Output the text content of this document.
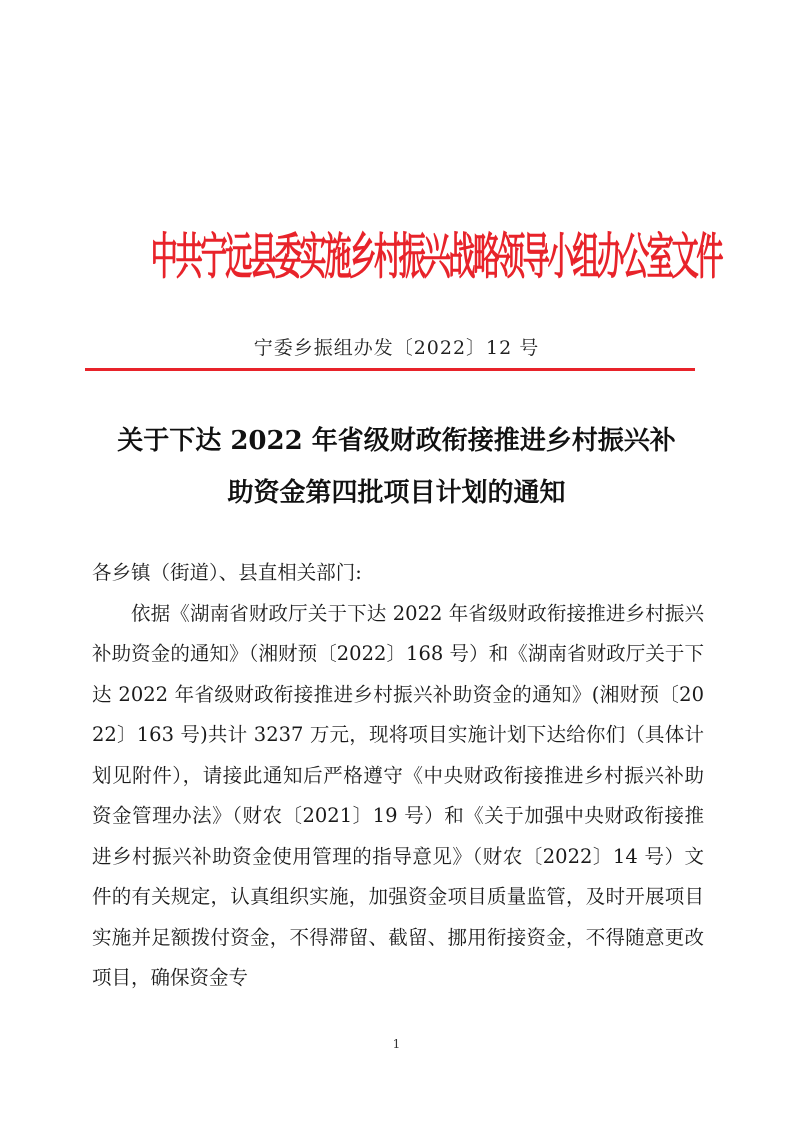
中共宁远县委实施乡村振兴战略领导小组办公室文件
宁委乡振组办发〔2022〕12 号
关于下达 2022 年省级财政衔接推进乡村振兴补
助资金第四批项目计划的通知

各乡镇（街道）、县直相关部门:

依据《湖南省财政厅关于下达 2022 年省级财政衔接推进乡村振兴补助资金的通知》（湘财预〔2022〕168 号）和《湖南省财政厅关于下达 2022 年省级财政衔接推进乡村振兴补助资金的通知》(湘财预〔2022〕163 号)共计 3237 万元，现将项目实施计划下达给你们（具体计划见附件），请接此通知后严格遵守《中央财政衔接推进乡村振兴补助资金管理办法》（财农〔2021〕19 号）和《关于加强中央财政衔接推进乡村振兴补助资金使用管理的指导意见》（财农〔2022〕14 号）文件的有关规定，认真组织实施，加强资金项目质量监管，及时开展项目实施并足额拨付资金，不得滞留、截留、挪用衔接资金，不得随意更改项目，确保资金专

1
